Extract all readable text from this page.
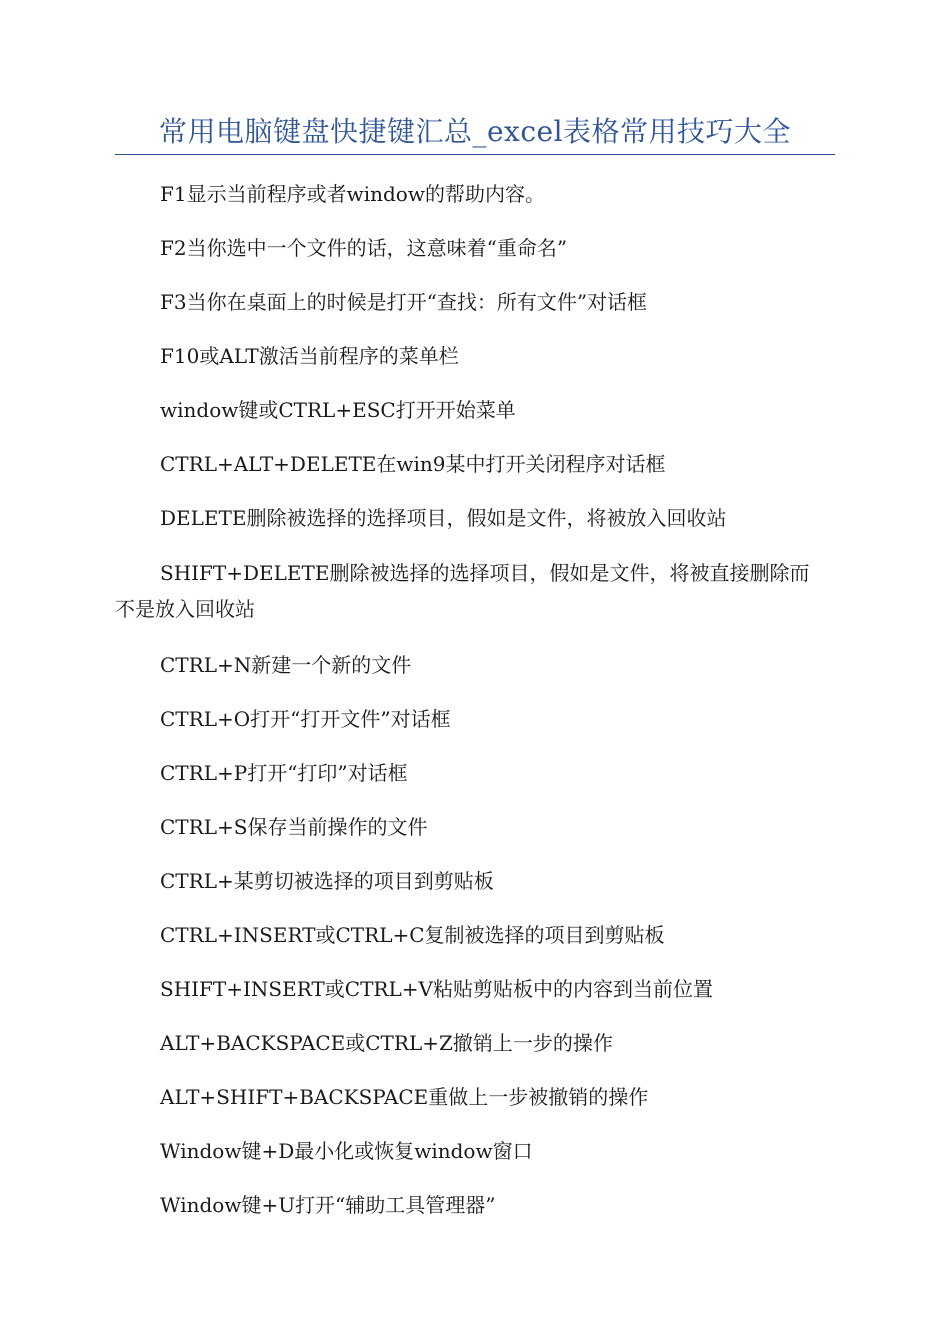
常用电脑键盘快捷键汇总_excel表格常用技巧大全
F1显示当前程序或者window的帮助内容。
F2当你选中一个文件的话，这意味着“重命名”
F3当你在桌面上的时候是打开“查找：所有文件”对话框
F10或ALT激活当前程序的菜单栏
window键或CTRL+ESC打开开始菜单
CTRL+ALT+DELETE在win9某中打开关闭程序对话框
DELETE删除被选择的选择项目，假如是文件，将被放入回收站
SHIFT+DELETE删除被选择的选择项目，假如是文件，将被直接删除而不是放入回收站
CTRL+N新建一个新的文件
CTRL+O打开“打开文件”对话框
CTRL+P打开“打印”对话框
CTRL+S保存当前操作的文件
CTRL+某剪切被选择的项目到剪贴板
CTRL+INSERT或CTRL+C复制被选择的项目到剪贴板
SHIFT+INSERT或CTRL+V粘贴剪贴板中的内容到当前位置
ALT+BACKSPACE或CTRL+Z撤销上一步的操作
ALT+SHIFT+BACKSPACE重做上一步被撤销的操作
Window键+D最小化或恢复window窗口
Window键+U打开“辅助工具管理器”
